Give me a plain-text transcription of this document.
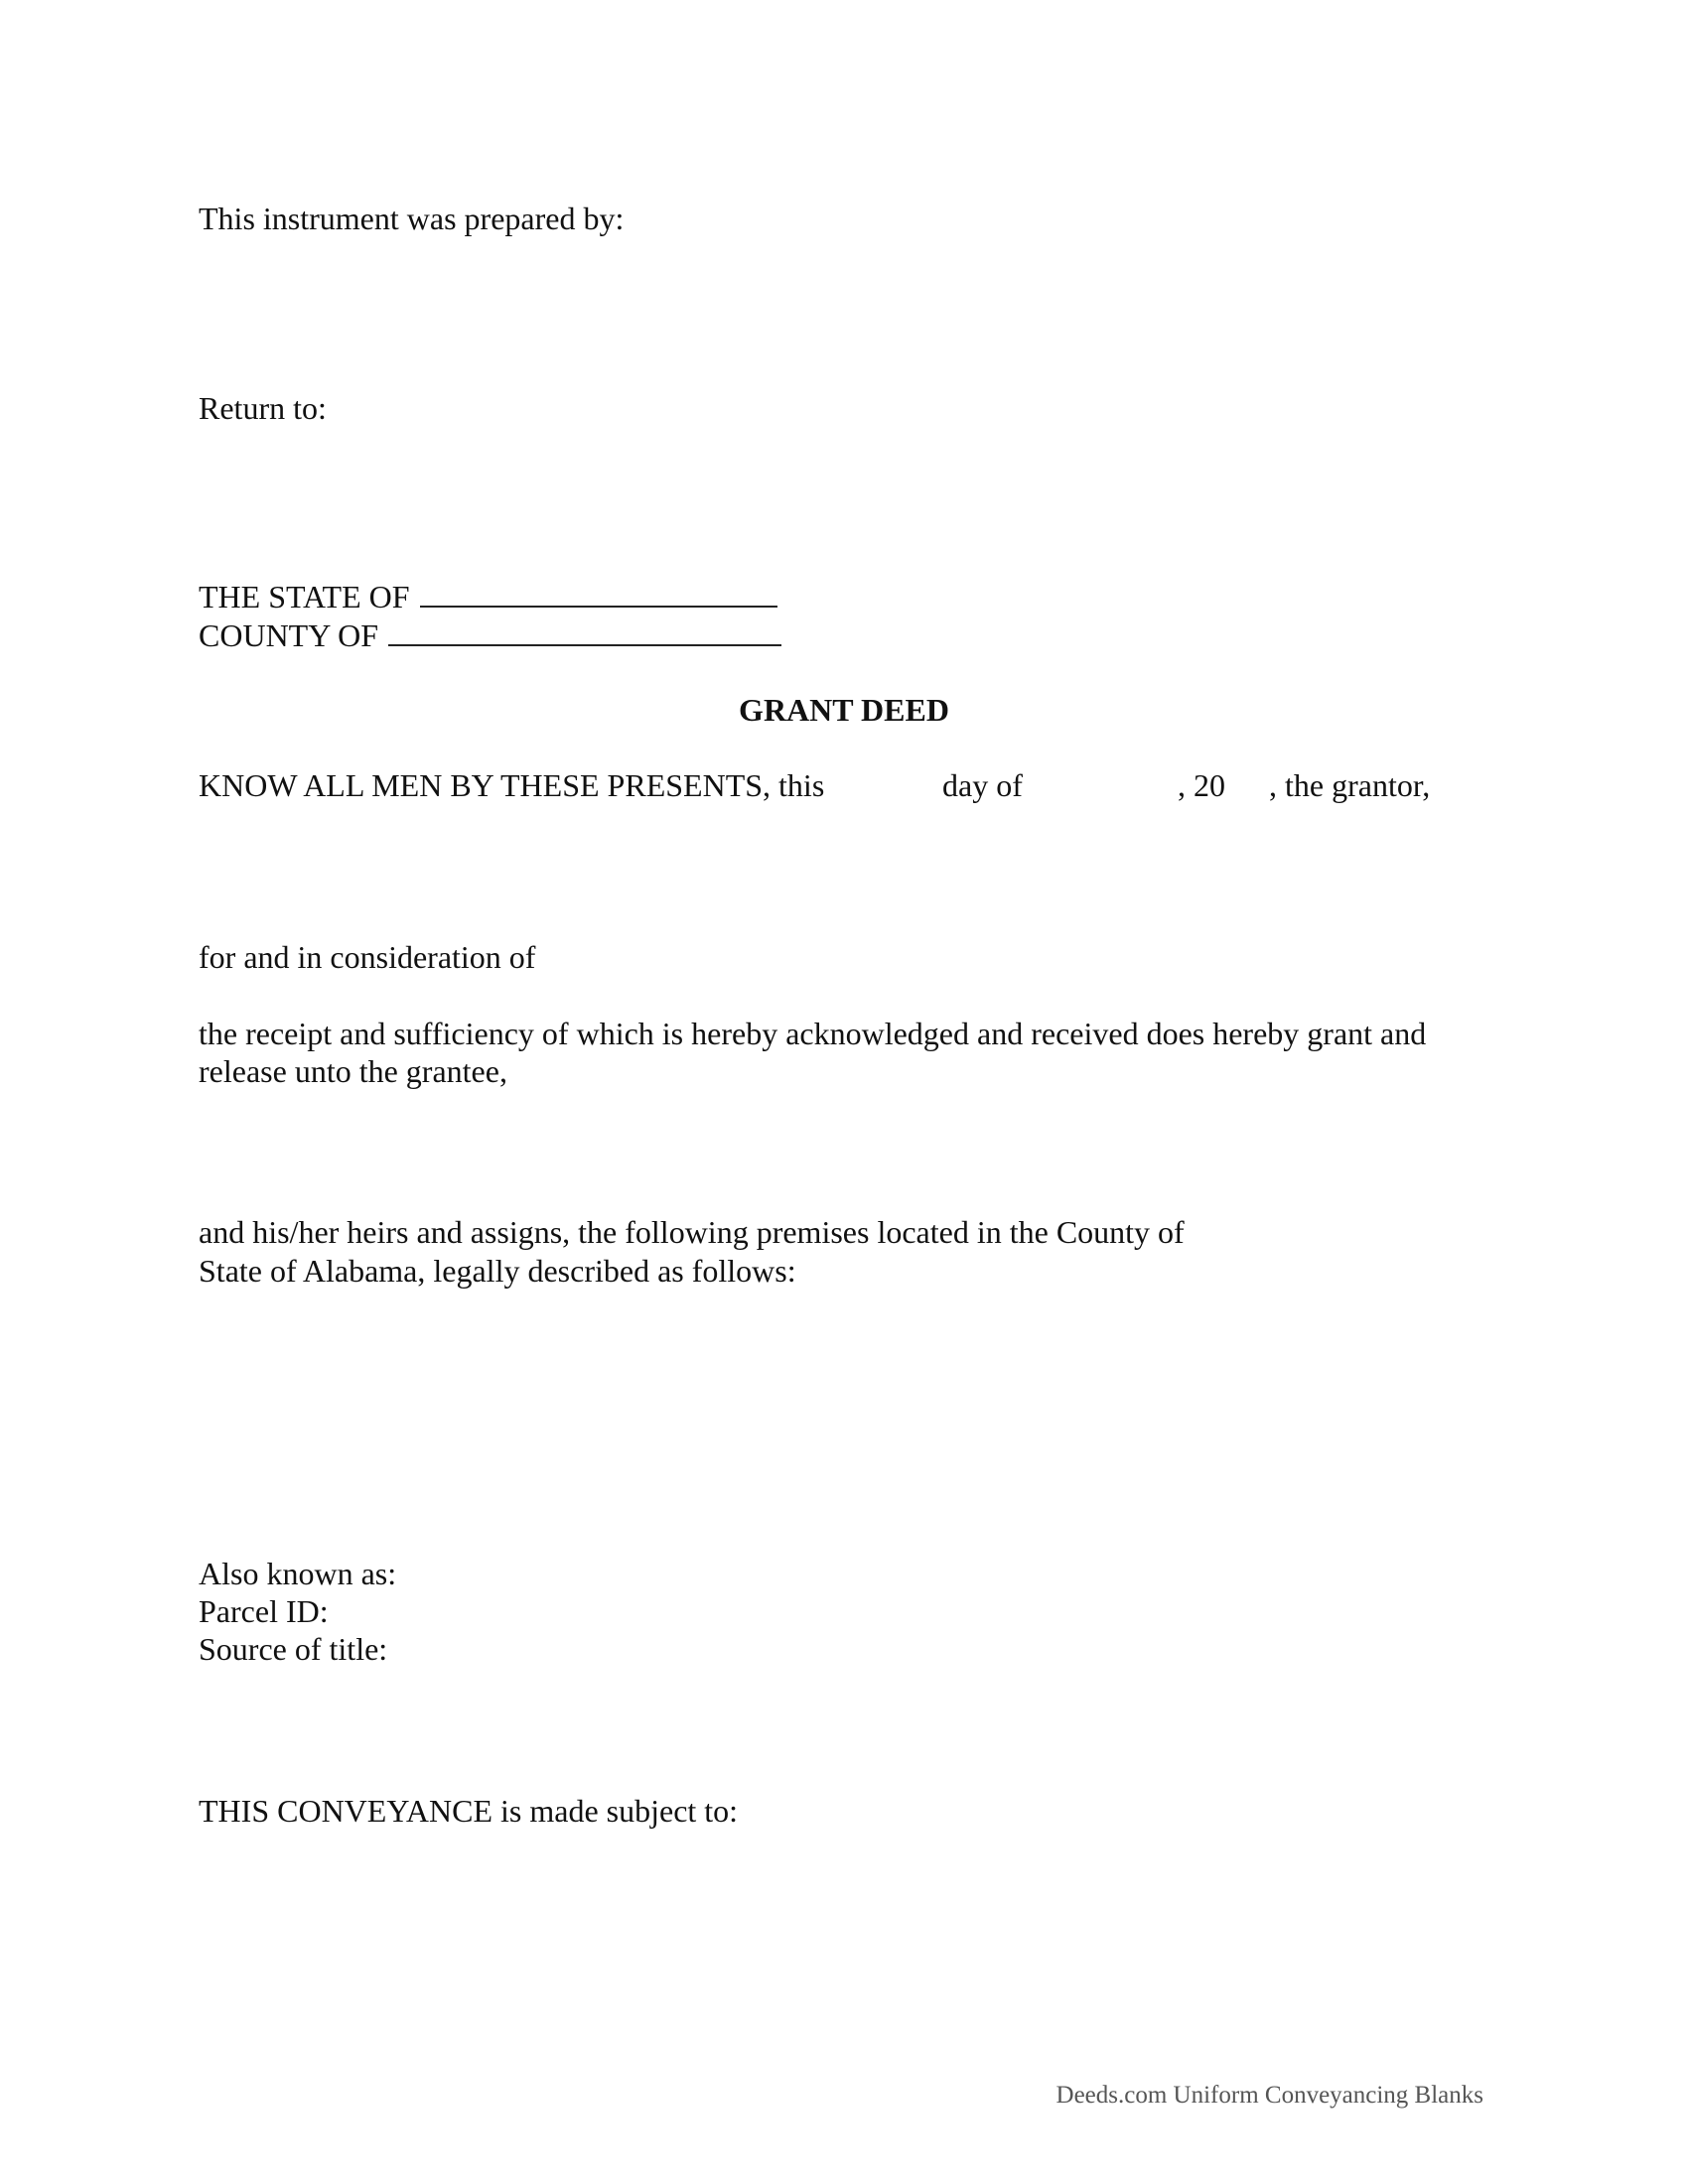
This instrument was prepared by:
Return to:
THE STATE OF
COUNTY OF
GRANT DEED
KNOW ALL MEN BY THESE PRESENTS, this	day of	, 20 , the grantor,
for and in consideration of
the receipt and sufficiency of which is hereby acknowledged and received does hereby grant and
release unto the grantee,
and his/her heirs and assigns, the following premises located in the County of
State of Alabama, legally described as follows:
Also known as:
Parcel ID:
Source of title:
THIS CONVEYANCE is made subject to:
Deeds.com Uniform Conveyancing Blanks
